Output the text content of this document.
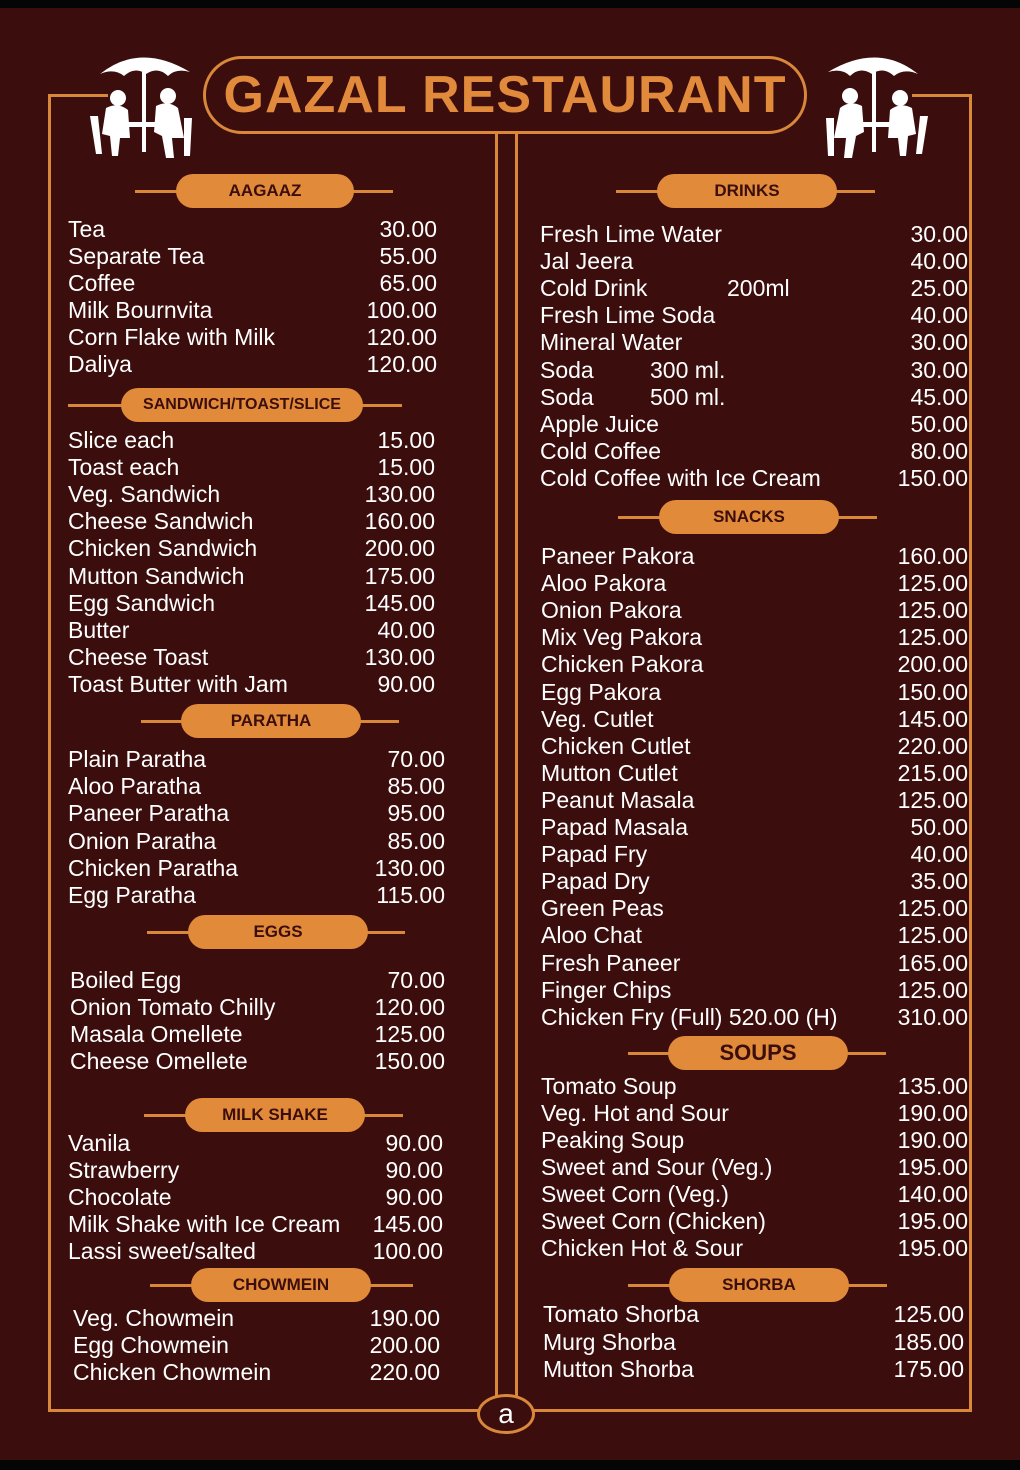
GAZAL RESTAURANT
a
AAGAAZ
Tea	30.00
Separate Tea	55.00
Coffee	65.00
Milk Bournvita	100.00
Corn Flake with Milk	120.00
Daliya	120.00
SANDWICH/TOAST/SLICE
Slice each	15.00
Toast each	15.00
Veg. Sandwich	130.00
Cheese Sandwich	160.00
Chicken Sandwich	200.00
Mutton Sandwich	175.00
Egg Sandwich	145.00
Butter	40.00
Cheese Toast	130.00
Toast Butter with Jam	90.00
PARATHA
Plain Paratha	70.00
Aloo Paratha	85.00
Paneer Paratha	95.00
Onion Paratha	85.00
Chicken Paratha	130.00
Egg Paratha	115.00
EGGS
Boiled Egg	70.00
Onion Tomato Chilly	120.00
Masala Omellete	125.00
Cheese Omellete	150.00
MILK SHAKE
Vanila	90.00
Strawberry	90.00
Chocolate	90.00
Milk Shake with Ice Cream	145.00
Lassi sweet/salted	100.00
CHOWMEIN
Veg. Chowmein	190.00
Egg Chowmein	200.00
Chicken Chowmein	220.00
DRINKS
Fresh Lime Water	30.00
Jal Jeera	40.00
Cold Drink	200ml	25.00
Fresh Lime Soda	40.00
Mineral Water	30.00
Soda 300 ml.	30.00
Soda 500 ml.	45.00
Apple Juice	50.00
Cold Coffee	80.00
Cold Coffee with Ice Cream	150.00
SNACKS
Paneer Pakora	160.00
Aloo Pakora	125.00
Onion Pakora	125.00
Mix Veg Pakora	125.00
Chicken Pakora	200.00
Egg Pakora	150.00
Veg. Cutlet	145.00
Chicken Cutlet	220.00
Mutton Cutlet	215.00
Peanut Masala	125.00
Papad Masala	50.00
Papad Fry	40.00
Papad Dry	35.00
Green Peas	125.00
Aloo Chat	125.00
Fresh Paneer	165.00
Finger Chips	125.00
Chicken Fry (Full) 520.00 (H)	310.00
SOUPS
Tomato Soup	135.00
Veg. Hot and Sour	190.00
Peaking Soup	190.00
Sweet and Sour (Veg.)	195.00
Sweet Corn (Veg.)	140.00
Sweet Corn (Chicken)	195.00
Chicken Hot & Sour	195.00
SHORBA
Tomato Shorba	125.00
Murg Shorba	185.00
Mutton Shorba	175.00
